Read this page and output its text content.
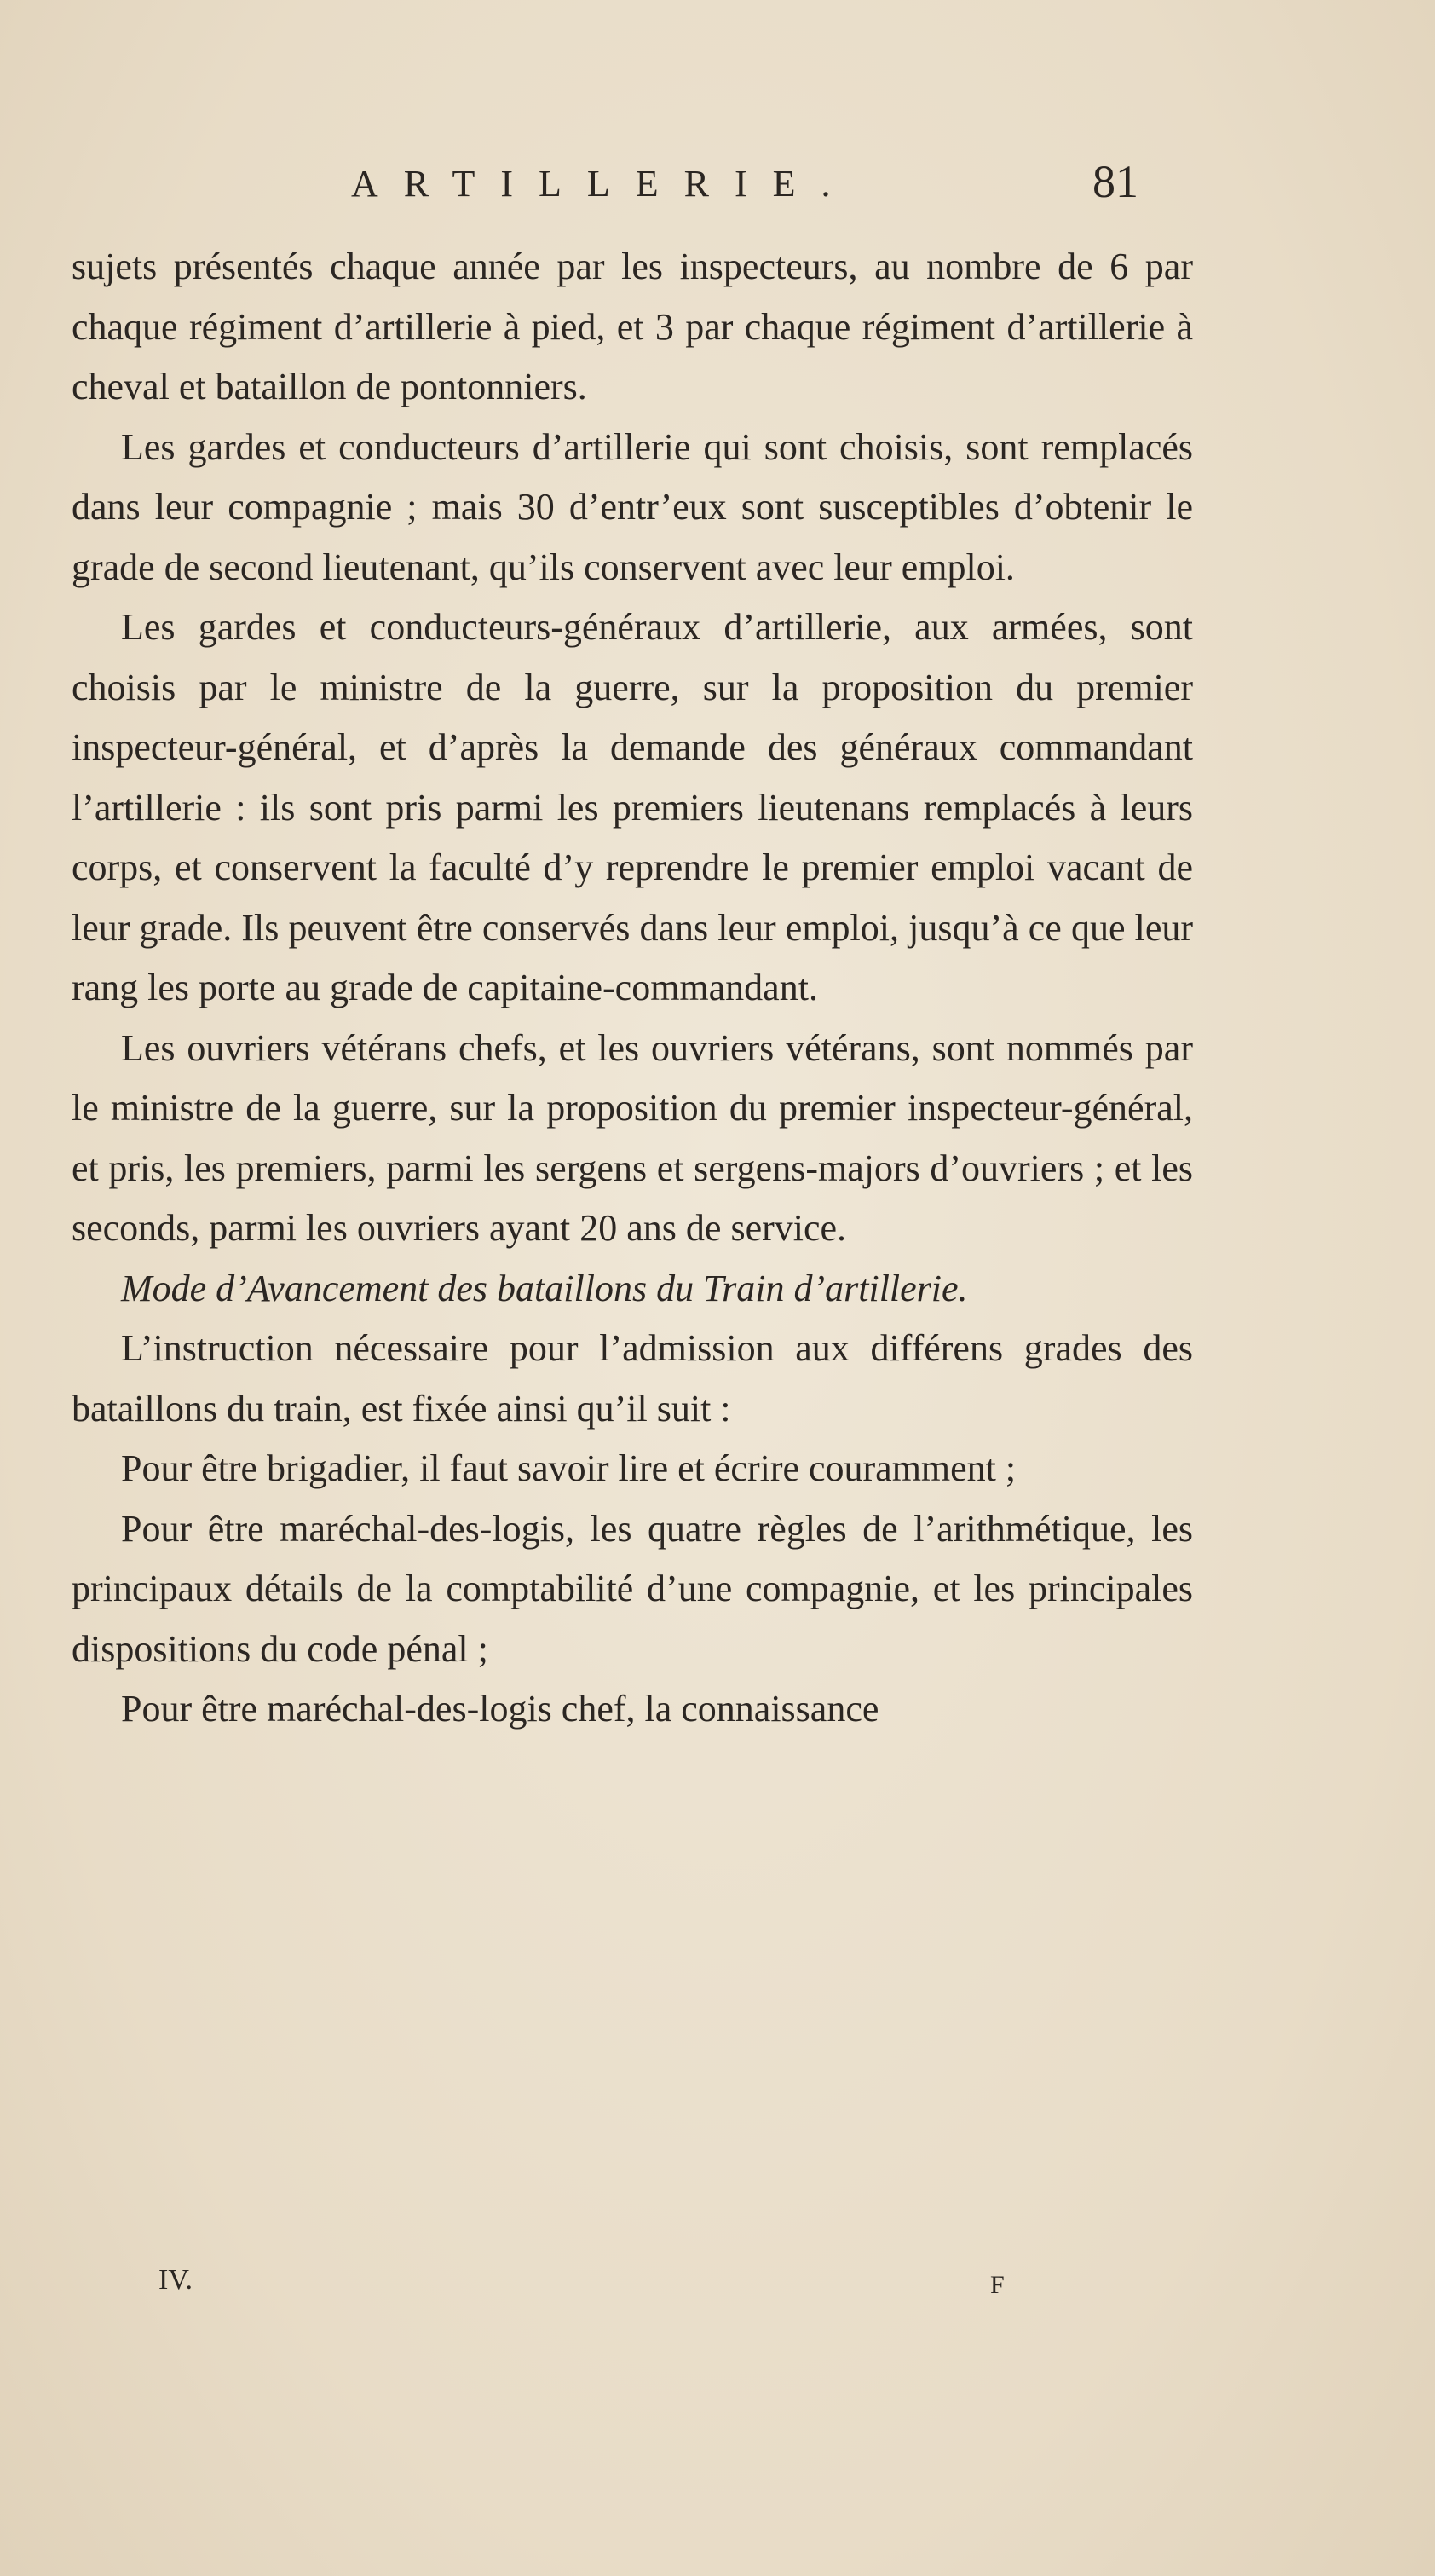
ARTILLERIE.	81

sujets présentés chaque année par les inspecteurs, au nombre de 6 par chaque régiment d’artillerie à pied, et 3 par chaque régiment d’artillerie à cheval et bataillon de pontonniers.

Les gardes et conducteurs d’artillerie qui sont choisis, sont remplacés dans leur compagnie ; mais 30 d’entr’eux sont susceptibles d’obtenir le grade de second lieutenant, qu’ils conservent avec leur emploi.

Les gardes et conducteurs-généraux d’artillerie, aux armées, sont choisis par le ministre de la guerre, sur la proposition du premier inspecteur-général, et d’après la demande des généraux commandant l’artillerie : ils sont pris parmi les premiers lieutenans remplacés à leurs corps, et conservent la faculté d’y reprendre le premier emploi vacant de leur grade. Ils peuvent être conservés dans leur emploi, jusqu’à ce que leur rang les porte au grade de capitaine-commandant.

Les ouvriers vétérans chefs, et les ouvriers vétérans, sont nommés par le ministre de la guerre, sur la proposition du premier inspecteur-général, et pris, les premiers, parmi les sergens et sergens-majors d’ouvriers ; et les seconds, parmi les ouvriers ayant 20 ans de service.

Mode d’Avancement des bataillons du Train d’artillerie.

L’instruction nécessaire pour l’admission aux différens grades des bataillons du train, est fixée ainsi qu’il suit :

Pour être brigadier, il faut savoir lire et écrire couramment ;

Pour être maréchal-des-logis, les quatre règles de l’arithmétique, les principaux détails de la comptabilité d’une compagnie, et les principales dispositions du code pénal ;

Pour être maréchal-des-logis chef, la connaissance

IV.	F
